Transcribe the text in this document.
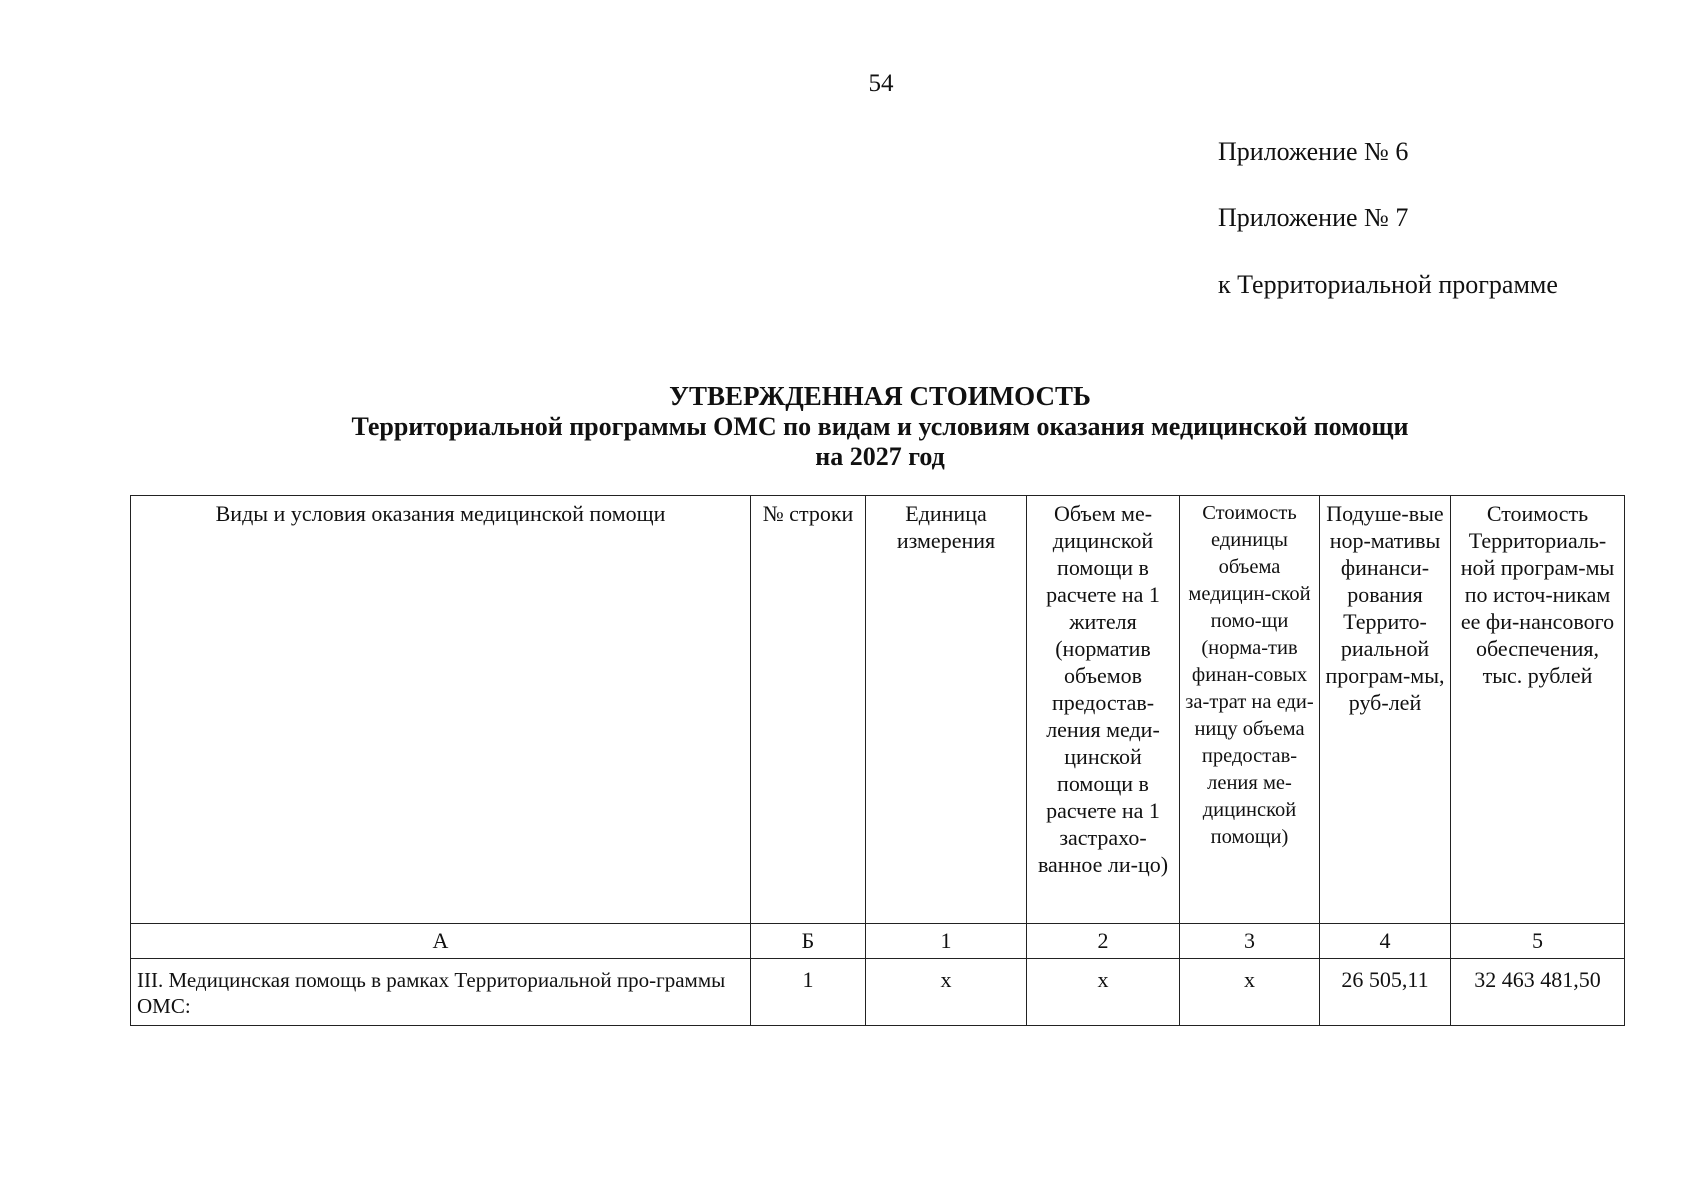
54
Приложение № 6
Приложение № 7
к Территориальной программе
УТВЕРЖДЕННАЯ СТОИМОСТЬ
Территориальной программы ОМС по видам и условиям оказания медицинской помощи
на 2027 год
Виды и условия оказания медицинской помощи	№ строки	Единица измерения	Объем ме-дицинской помощи в расчете на 1 жителя (норматив объемов предостав-ления меди-цинской помощи в расчете на 1 застрахо-ванное ли-цо)	Стоимость единицы объема медицин-ской помо-щи (норма-тив финан-совых за-трат на еди-ницу объема предостав-ления ме-дицинской помощи)	Подуше-вые нор-мативы финанси-рования Террито-риальной програм-мы, руб-лей	Стоимость Территориаль-ной програм-мы по источ-никам ее фи-нансового обеспечения, тыс. рублей
А	Б	1	2	3	4	5
III. Медицинская помощь в рамках Территориальной про-граммы ОМС:	1	х	х	х	26 505,11	32 463 481,50
